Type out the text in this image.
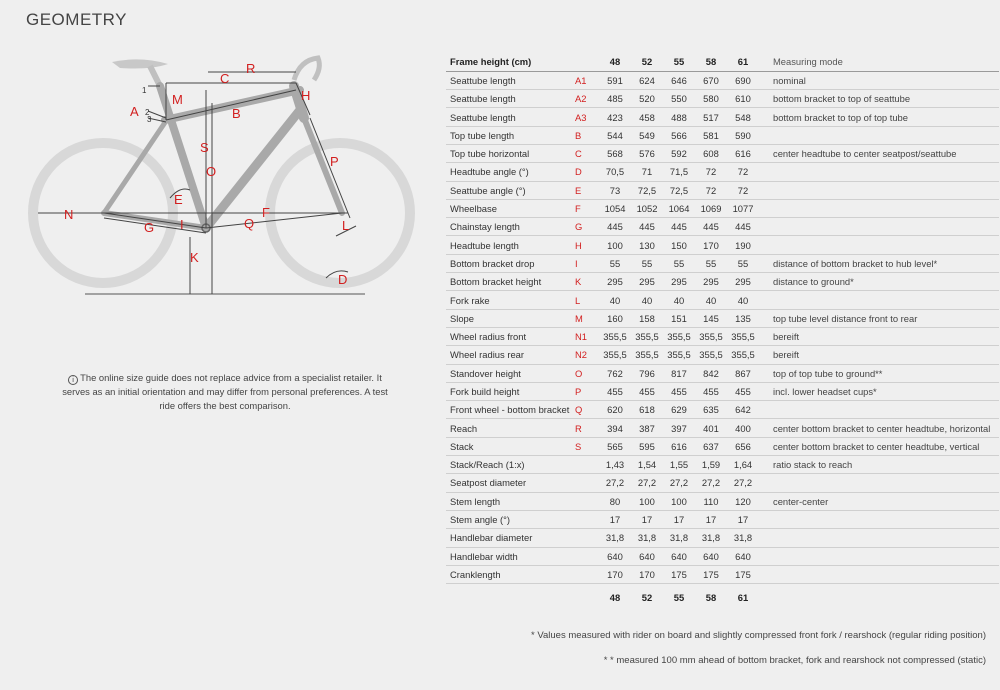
GEOMETRY
A
1
2
3
M
C
R
H
B
S
O
E
P
N
G I	Q
F
L
K
D
i The online size guide does not replace advice from a specialist retailer. It serves as an initial orientation and may differ from personal preferences. A test ride offers the best comparison.
Frame height (cm)		48	52	55	58	61	Measuring mode
Seattube length	A1	591	624	646	670	690	nominal
Seattube length	A2	485	520	550	580	610	bottom bracket to top of seattube
Seattube length	A3	423	458	488	517	548	bottom bracket to top of top tube
Top tube length	B	544	549	566	581	590	
Top tube horizontal	C	568	576	592	608	616	center headtube to center seatpost/seattube
Headtube angle (°)	D	70,5	71	71,5	72	72	
Seattube angle (°)	E	73	72,5	72,5	72	72	
Wheelbase	F	1054	1052	1064	1069	1077	
Chainstay length	G	445	445	445	445	445	
Headtube length	H	100	130	150	170	190	
Bottom bracket drop	I	55	55	55	55	55	distance of bottom bracket to hub level*
Bottom bracket height	K	295	295	295	295	295	distance to ground*
Fork rake	L	40	40	40	40	40	
Slope	M	160	158	151	145	135	top tube level distance front to rear
Wheel radius front	N1	355,5	355,5	355,5	355,5	355,5	bereift
Wheel radius rear	N2	355,5	355,5	355,5	355,5	355,5	bereift
Standover height	O	762	796	817	842	867	top of top tube to ground**
Fork build height	P	455	455	455	455	455	incl. lower headset cups*
Front wheel - bottom bracket	Q	620	618	629	635	642	
Reach	R	394	387	397	401	400	center bottom bracket to center headtube, horizontal
Stack	S	565	595	616	637	656	center bottom bracket to center headtube, vertical
Stack/Reach (1:x)		1,43	1,54	1,55	1,59	1,64	ratio stack to reach
Seatpost diameter		27,2	27,2	27,2	27,2	27,2	
Stem length		80	100	100	110	120	center-center
Stem angle (°)		17	17	17	17	17	
Handlebar diameter		31,8	31,8	31,8	31,8	31,8	
Handlebar width		640	640	640	640	640	
Cranklength		170	170	175	175	175	
		48	52	55	58	61	
* Values measured with rider on board and slightly compressed front fork / rearshock (regular riding position)
* * measured 100 mm ahead of bottom bracket, fork and rearshock not compressed (static)
